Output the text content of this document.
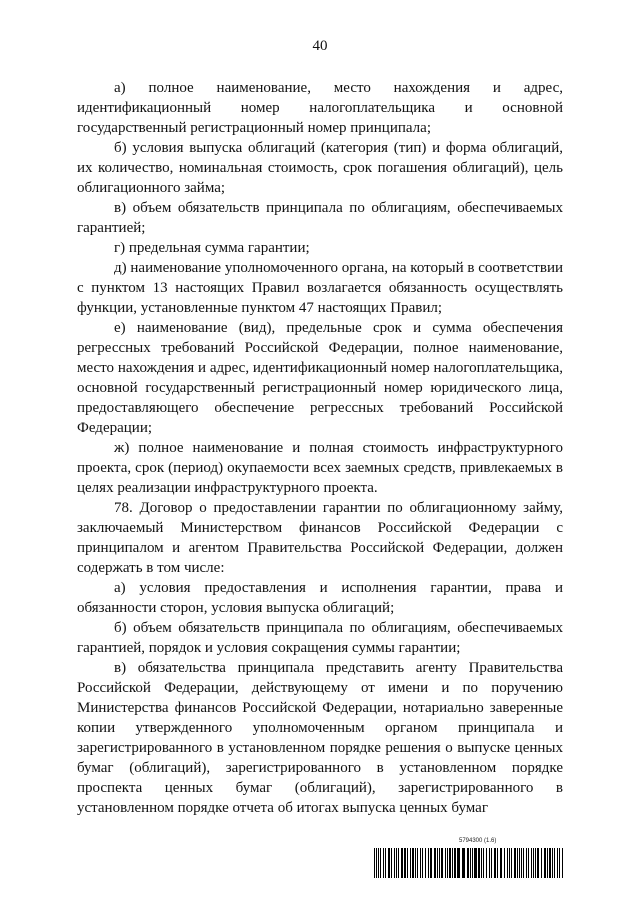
40

а) полное наименование, место нахождения и адрес, идентификационный номер налогоплательщика и основной государственный регистрационный номер принципала;

б) условия выпуска облигаций (категория (тип) и форма облигаций, их количество, номинальная стоимость, срок погашения облигаций), цель облигационного займа;

в) объем обязательств принципала по облигациям, обеспечиваемых гарантией;

г) предельная сумма гарантии;

д) наименование уполномоченного органа, на который в соответствии с пунктом 13 настоящих Правил возлагается обязанность осуществлять функции, установленные пунктом 47 настоящих Правил;

е) наименование (вид), предельные срок и сумма обеспечения регрессных требований Российской Федерации, полное наименование, место нахождения и адрес, идентификационный номер налогоплательщика, основной государственный регистрационный номер юридического лица, предоставляющего обеспечение регрессных требований Российской Федерации;

ж) полное наименование и полная стоимость инфраструктурного проекта, срок (период) окупаемости всех заемных средств, привлекаемых в целях реализации инфраструктурного проекта.

78. Договор о предоставлении гарантии по облигационному займу, заключаемый Министерством финансов Российской Федерации с принципалом и агентом Правительства Российской Федерации, должен содержать в том числе:

а) условия предоставления и исполнения гарантии, права и обязанности сторон, условия выпуска облигаций;

б) объем обязательств принципала по облигациям, обеспечиваемых гарантией, порядок и условия сокращения суммы гарантии;

в) обязательства принципала представить агенту Правительства Российской Федерации, действующему от имени и по поручению Министерства финансов Российской Федерации, нотариально заверенные копии утвержденного уполномоченным органом принципала и зарегистрированного в установленном порядке решения о выпуске ценных бумаг (облигаций), зарегистрированного в установленном порядке проспекта ценных бумаг (облигаций), зарегистрированного в установленном порядке отчета об итогах выпуска ценных бумаг

5794300 (1.6)
